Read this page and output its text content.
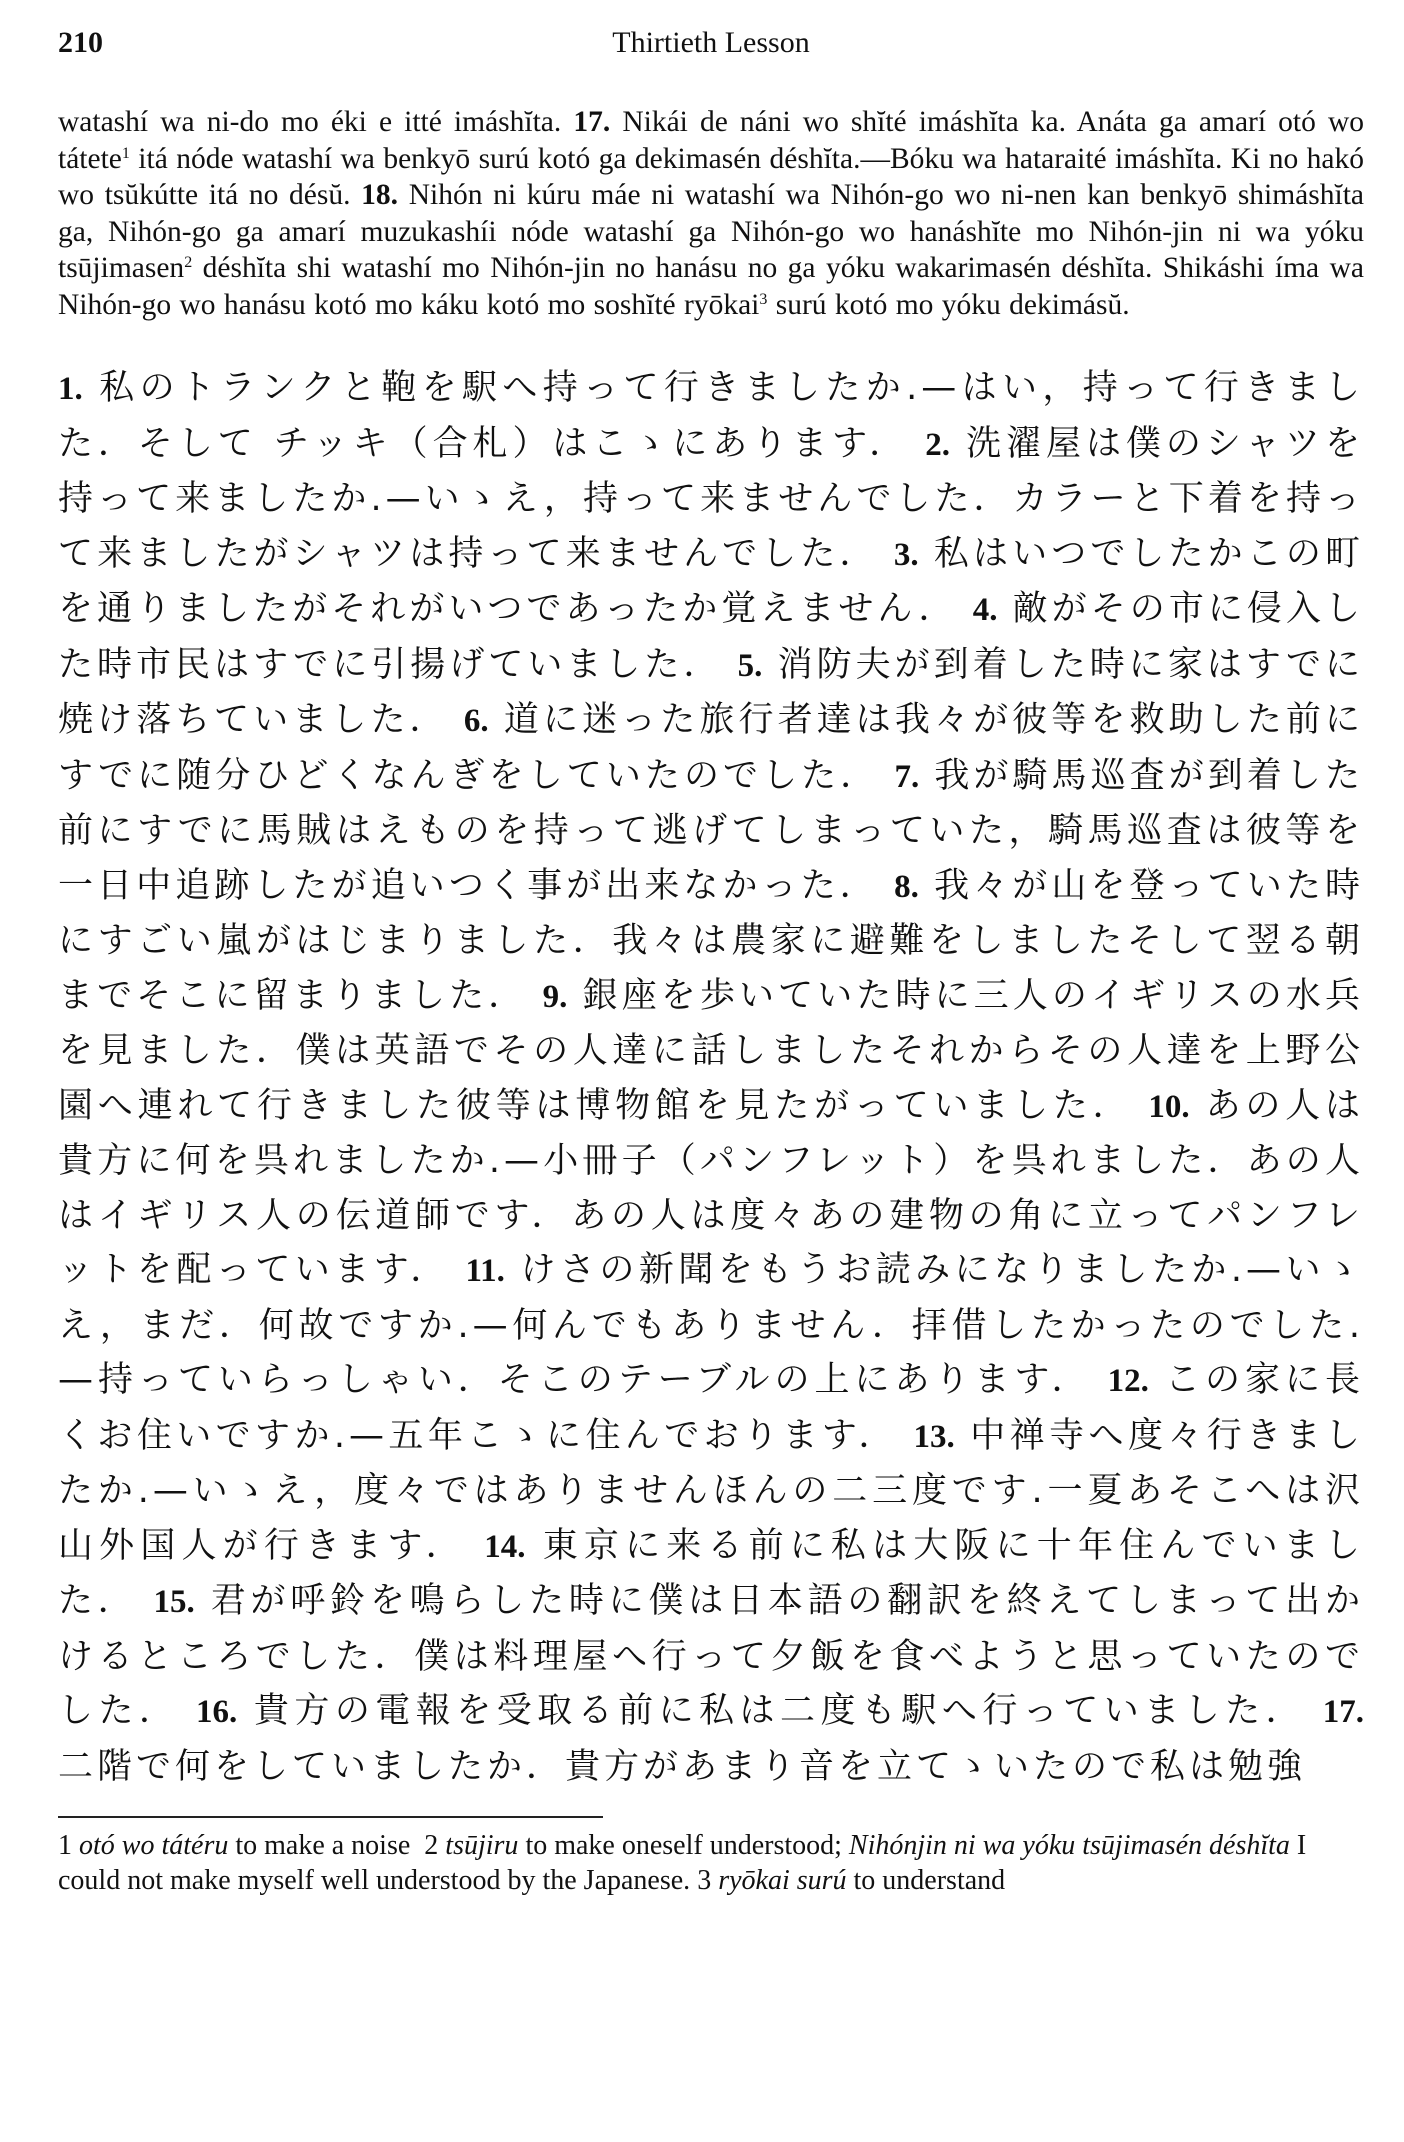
210	Thirtieth Lesson

watashí wa ni-do mo éki e itté imáshĭta. 17. Nikái de náni wo shĭté imáshĭta ka. Anáta ga amarí otó wo tátete$^1$ itá nóde watashí wa benkyō surú kotó ga dekimasén déshĭta.—Bóku wa hataraité imáshĭta. Ki no hakó wo tsŭkútte itá no désŭ. 18. Nihón ni kúru máe ni watashí wa Nihón-go wo ni-nen kan benkyō shimáshĭta ga, Nihón-go ga amarí muzukashíi nóde watashí ga Nihón-go wo hanáshĭte mo Nihón-jin ni wa yóku tsūjimasen$^2$ déshĭta shi watashí mo Nihón-jin no hanásu no ga yóku wakarimasén déshĭta. Shikáshi íma wa Nihón-go wo hanásu kotó mo káku kotó mo soshĭté ryōkai$^3$ surú kotó mo yóku dekimásŭ.

1. 私のトランクと鞄を駅へ持って行きましたか.—はい，持って行きました．そして チッキ（合札）はこゝにあります． 2. 洗濯屋は僕のシャツを持って来ましたか.—いゝえ，持って来ませんでした．カラーと下着を持って来ましたがシャツは持って来ませんでした． 3. 私はいつでしたかこの町を通りましたがそれがいつであったか覚えません． 4. 敵がその市に侵入した時市民はすでに引揚げていました． 5. 消防夫が到着した時に家はすでに焼け落ちていました． 6. 道に迷った旅行者達は我々が彼等を救助した前にすでに随分ひどくなんぎをしていたのでした． 7. 我が騎馬巡査が到着した前にすでに馬賊はえものを持って逃げてしまっていた，騎馬巡査は彼等を一日中追跡したが追いつく事が出来なかった． 8. 我々が山を登っていた時にすごい嵐がはじまりました．我々は農家に避難をしましたそして翌る朝までそこに留まりました． 9. 銀座を歩いていた時に三人のイギリスの水兵を見ました．僕は英語でその人達に話しましたそれからその人達を上野公園へ連れて行きました彼等は博物館を見たがっていました． 10. あの人は貴方に何を呉れましたか.—小冊子（パンフレット）を呉れました．あの人はイギリス人の伝道師です．あの人は度々あの建物の角に立ってパンフレットを配っています． 11. けさの新聞をもうお読みになりましたか.—いゝえ，まだ．何故ですか.—何んでもありません．拝借したかったのでした.—持っていらっしゃい．そこのテーブルの上にあります． 12. この家に長くお住いですか.—五年こゝに住んでおります． 13. 中禅寺へ度々行きましたか.—いゝえ，度々ではありませんほんの二三度です.一夏あそこへは沢山外国人が行きます． 14. 東京に来る前に私は大阪に十年住んでいました． 15. 君が呼鈴を鳴らした時に僕は日本語の翻訳を終えてしまって出かけるところでした．僕は料理屋へ行って夕飯を食べようと思っていたのでした． 16. 貴方の電報を受取る前に私は二度も駅へ行っていました． 17. 二階で何をしていましたか．貴方があまり音を立てゝいたので私は勉強

1 otó wo tátéru to make a noise 2 tsūjiru to make oneself understood; Nihónjin ni wa yóku tsūjimasén déshĭta I could not make myself well understood by the Japanese. 3 ryōkai surú to understand
